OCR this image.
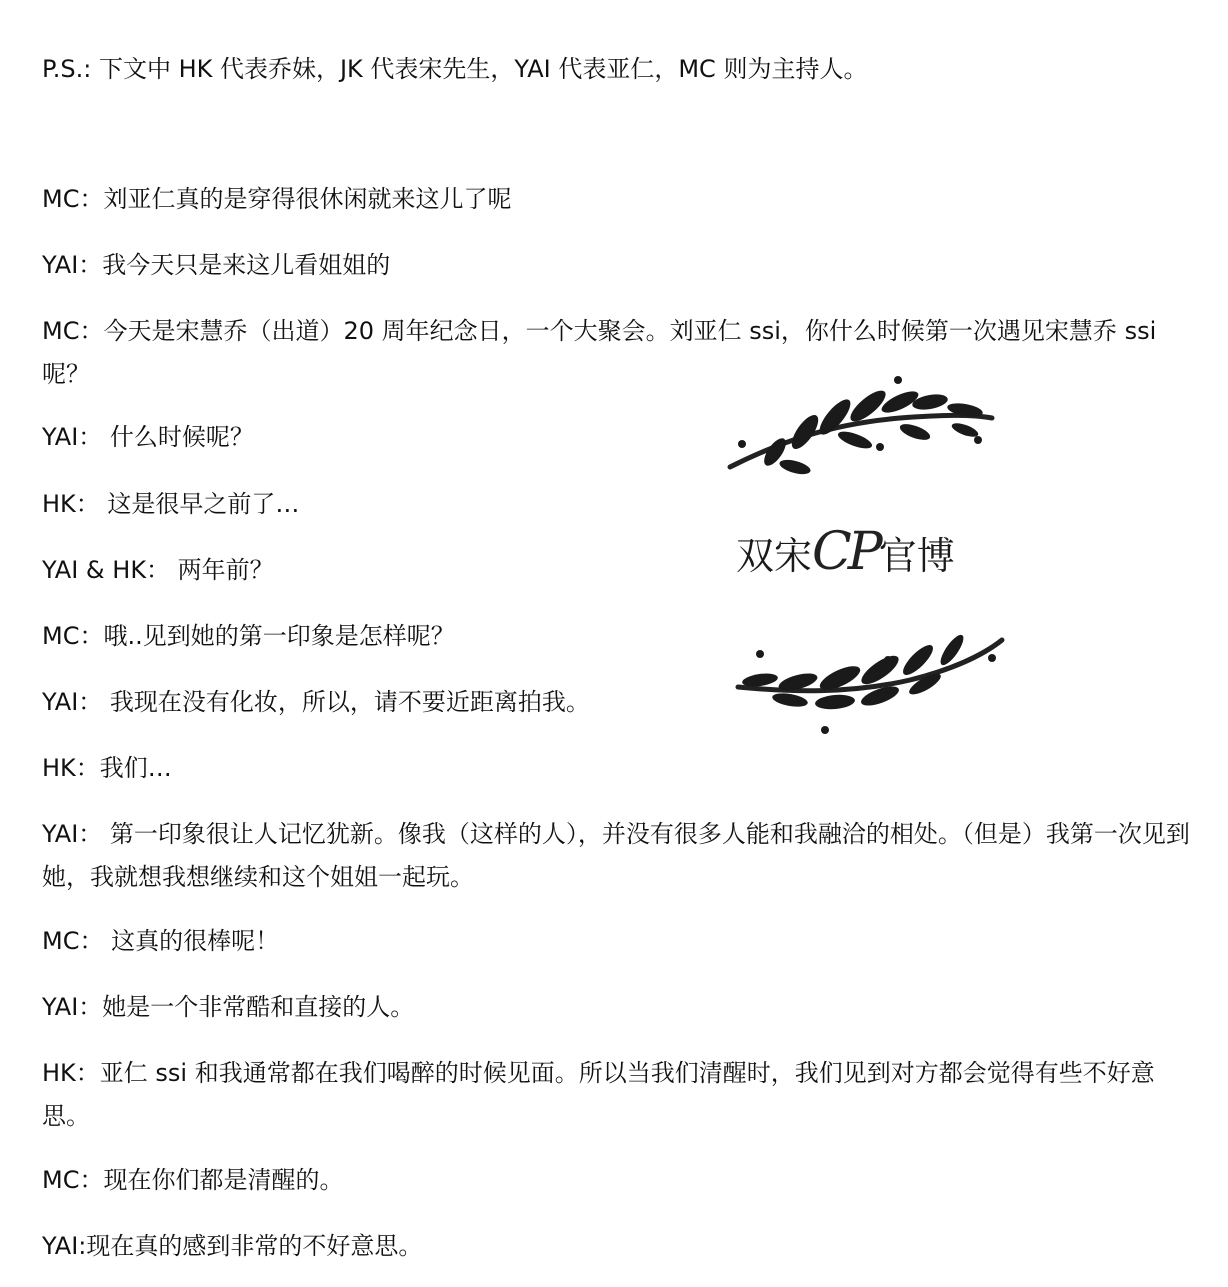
P.S.: 下文中 HK 代表乔妹，JK 代表宋先生，YAI 代表亚仁，MC 则为主持人。

MC：刘亚仁真的是穿得很休闲就来这儿了呢

YAI：我今天只是来这儿看姐姐的

MC：今天是宋慧乔（出道）20 周年纪念日，一个大聚会。刘亚仁 ssi，你什么时候第一次遇见宋慧乔 ssi 呢？

YAI： 什么时候呢？

HK： 这是很早之前了…

YAI & HK： 两年前？

MC：哦..见到她的第一印象是怎样呢？

YAI： 我现在没有化妆，所以，请不要近距离拍我。

HK：我们…

YAI： 第一印象很让人记忆犹新。像我（这样的人），并没有很多人能和我融洽的相处。（但是）我第一次见到她，我就想我想继续和这个姐姐一起玩。

MC： 这真的很棒呢！

YAI：她是一个非常酷和直接的人。

HK：亚仁 ssi 和我通常都在我们喝醉的时候见面。所以当我们清醒时，我们见到对方都会觉得有些不好意思。

MC：现在你们都是清醒的。

YAI:现在真的感到非常的不好意思。

双宋CP官博
